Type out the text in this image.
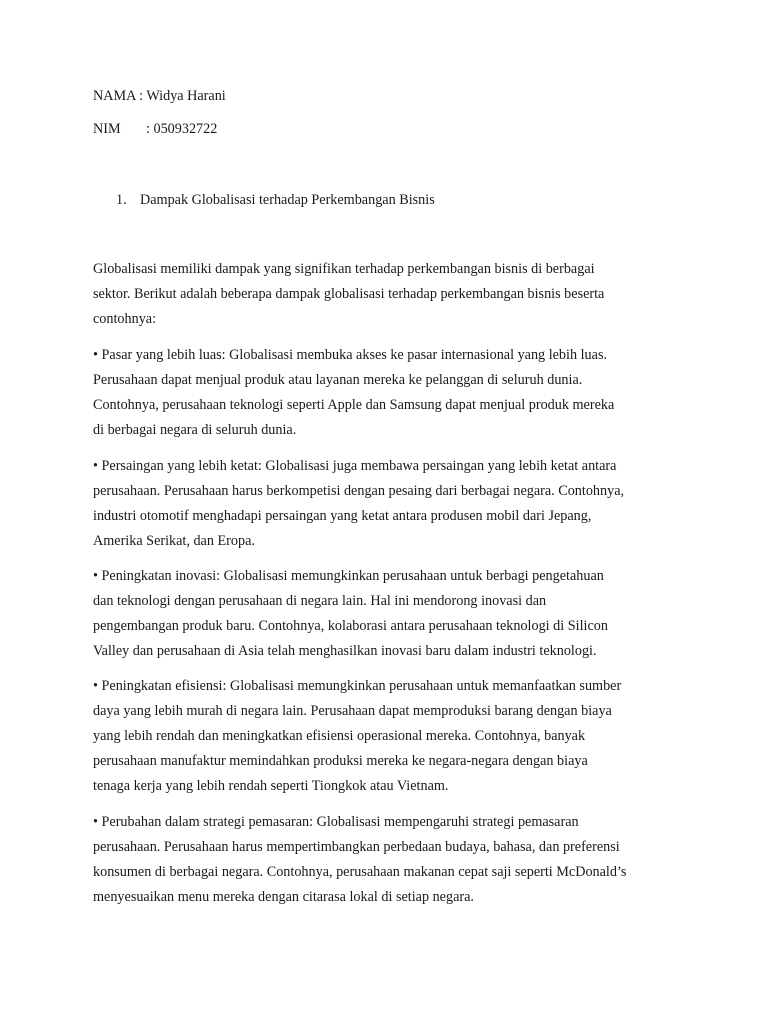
NAMA : Widya Harani
NIM : 050932722
1. Dampak Globalisasi terhadap Perkembangan Bisnis

Globalisasi memiliki dampak yang signifikan terhadap perkembangan bisnis di berbagai
sektor. Berikut adalah beberapa dampak globalisasi terhadap perkembangan bisnis beserta
contohnya:

• Pasar yang lebih luas: Globalisasi membuka akses ke pasar internasional yang lebih luas.
Perusahaan dapat menjual produk atau layanan mereka ke pelanggan di seluruh dunia.
Contohnya, perusahaan teknologi seperti Apple dan Samsung dapat menjual produk mereka
di berbagai negara di seluruh dunia.

• Persaingan yang lebih ketat: Globalisasi juga membawa persaingan yang lebih ketat antara
perusahaan. Perusahaan harus berkompetisi dengan pesaing dari berbagai negara. Contohnya,
industri otomotif menghadapi persaingan yang ketat antara produsen mobil dari Jepang,
Amerika Serikat, dan Eropa.

• Peningkatan inovasi: Globalisasi memungkinkan perusahaan untuk berbagi pengetahuan
dan teknologi dengan perusahaan di negara lain. Hal ini mendorong inovasi dan
pengembangan produk baru. Contohnya, kolaborasi antara perusahaan teknologi di Silicon
Valley dan perusahaan di Asia telah menghasilkan inovasi baru dalam industri teknologi.

• Peningkatan efisiensi: Globalisasi memungkinkan perusahaan untuk memanfaatkan sumber
daya yang lebih murah di negara lain. Perusahaan dapat memproduksi barang dengan biaya
yang lebih rendah dan meningkatkan efisiensi operasional mereka. Contohnya, banyak
perusahaan manufaktur memindahkan produksi mereka ke negara-negara dengan biaya
tenaga kerja yang lebih rendah seperti Tiongkok atau Vietnam.

• Perubahan dalam strategi pemasaran: Globalisasi mempengaruhi strategi pemasaran
perusahaan. Perusahaan harus mempertimbangkan perbedaan budaya, bahasa, dan preferensi
konsumen di berbagai negara. Contohnya, perusahaan makanan cepat saji seperti McDonald’s
menyesuaikan menu mereka dengan citarasa lokal di setiap negara.
